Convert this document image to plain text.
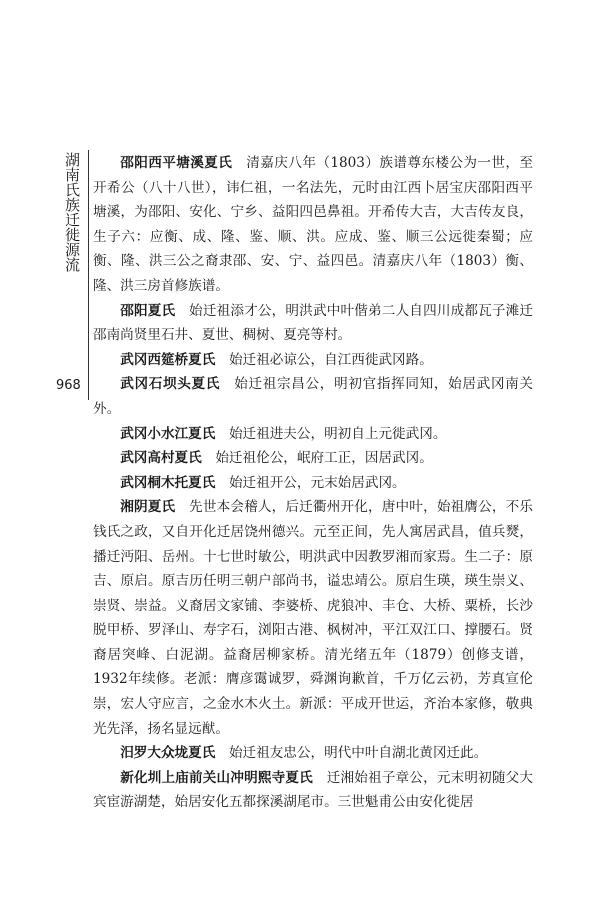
湖南氏族迁徙源流
968

邵阳西平塘溪夏氏　 清嘉庆八年（1803）族谱尊东楼公为一世，至开希公（八十八世），讳仁祖，一名法先，元时由江西卜居宝庆邵阳西平塘溪，为邵阳、安化、宁乡、益阳四邑鼻祖。开希传大吉，大吉传友良，生子六：应衡、成、隆、鉴、顺、洪。应成、鉴、顺三公远徙秦蜀；应衡、隆、洪三公之裔隶邵、安、宁、益四邑。清嘉庆八年（1803）衡、隆、洪三房首修族谱。

邵阳夏氏　 始迁祖添才公，明洪武中叶偕弟二人自四川成都瓦子滩迁邵南尚贤里石井、夏世、稠树、夏亮等村。

武冈西筵桥夏氏　 始迁祖必谅公，自江西徙武冈路。

武冈石坝头夏氏　 始迁祖宗昌公，明初官指挥同知，始居武冈南关外。

武冈小水江夏氏　 始迁祖进夫公，明初自上元徙武冈。

武冈高村夏氏　 始迁祖伦公，岷府工正，因居武冈。

武冈桐木托夏氏　 始迁祖开公，元末始居武冈。

湘阴夏氏　 先世本会稽人，后迁衢州开化，唐中叶，始祖膺公，不乐钱氏之政，又自开化迁居饶州德兴。元至正间，先人寓居武昌，值兵燹，播迁沔阳、岳州。十七世时敏公，明洪武中因教罗湘而家焉。生二子：原吉、原启。原吉历任明三朝户部尚书，谥忠靖公。原启生瑛，瑛生崇义、崇贤、崇益。义裔居文家铺、李婆桥、虎狼冲、丰仓、大桥、粟桥，长沙脱甲桥、罗泽山、寿字石，浏阳古港、枫树冲，平江双江口、撑腰石。贤裔居突峰、白泥湖。益裔居柳家桥。清光绪五年（1879）创修支谱，1932年续修。老派：膺彦霭诚罗，舜渊询歉首，千万亿云礽，芳真宣伦崇，宏人守应言，之金水木火土。新派：平成开世运，齐治本家修，敬典光先泽，扬名显远猷。

汨罗大众垅夏氏　 始迁祖友忠公，明代中叶自湖北黄冈迁此。

新化圳上庙前关山冲明熙寺夏氏　 迁湘始祖子章公，元末明初随父大宾宦游湖楚，始居安化五都探溪湖尾市。三世魁甫公由安化徙居
